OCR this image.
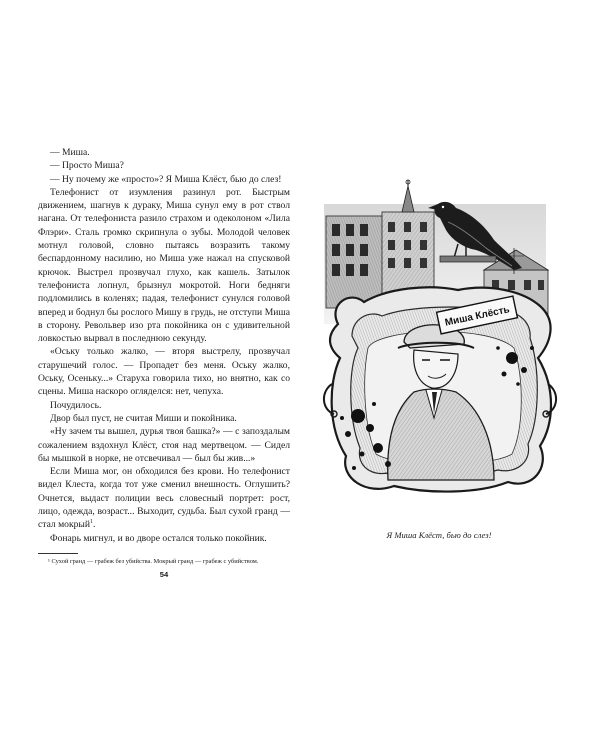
— Миша.

— Просто Миша?

— Ну почему же «просто»? Я Миша Клёст, бью до слез!

Телефонист от изумления разинул рот. Быстрым движением, шагнув к дураку, Миша сунул ему в рот ствол нагана. От телефониста разило страхом и одеколоном «Лила Флэри». Сталь громко скрипнула о зубы. Молодой человек мотнул головой, словно пытаясь возразить такому беспардонному насилию, но Миша уже нажал на спусковой крючок. Выстрел прозвучал глухо, как кашель. Затылок телефониста лопнул, брызнул мокротой. Ноги бедняги подломились в коленях; падая, телефонист сунулся головой вперед и боднул бы рослого Мишу в грудь, не отступи Миша в сторону. Револьвер изо рта покойника он с удивительной ловкостью вырвал в последнюю секунду.

«Оську только жалко, — вторя выстрелу, прозвучал старушечий голос. — Пропадет без меня. Оську жалко, Оську, Осеньку...» Старуха говорила тихо, но внятно, как со сцены. Миша наскоро огляделся: нет, чепуха.

Почудилось.

Двор был пуст, не считая Миши и покойника.

«Ну зачем ты вышел, дурья твоя башка?» — с запоздалым сожалением вздохнул Клёст, стоя над мертвецом. — Сидел бы мышкой в норке, не отсвечивал — был бы жив...»

Если Миша мог, он обходился без крови. Но телефонист видел Клеста, когда тот уже сменил внешность. Оглушить? Очнется, выдаст полиции весь словесный портрет: рост, лицо, одежда, возраст... Выходит, судьба. Был сухой гранд — стал мокрый$^1$.

Фонарь мигнул, и во дворе остался только покойник.

¹ Сухой гранд — грабеж без убийства. Мокрый гранд — грабеж с убийством.
54
Миша Клёсть
Я Миша Клёст, бью до слез!
